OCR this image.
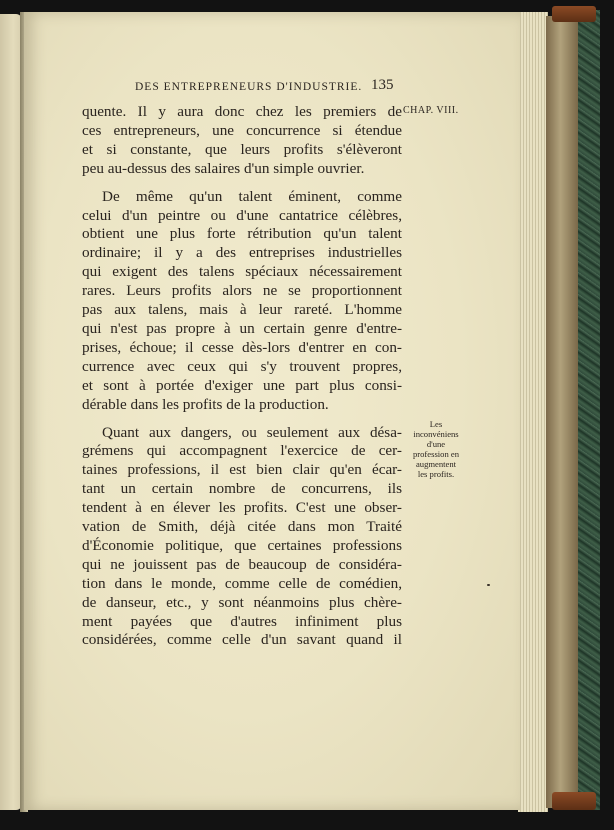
DES ENTREPRENEURS D'INDUSTRIE. 135
CHAP. VIII.
quente. Il y aura donc chez les premiers de
ces entrepreneurs, une concurrence si étendue
et si constante, que leurs profits s'élèveront
peu au-dessus des salaires d'un simple ouvrier.
De même qu'un talent éminent, comme
celui d'un peintre ou d'une cantatrice célèbres,
obtient une plus forte rétribution qu'un talent
ordinaire; il y a des entreprises industrielles
qui exigent des talens spéciaux nécessairement
rares. Leurs profits alors ne se proportionnent
pas aux talens, mais à leur rareté. L'homme
qui n'est pas propre à un certain genre d'entre-
prises, échoue; il cesse dès-lors d'entrer en con-
currence avec ceux qui s'y trouvent propres,
et sont à portée d'exiger une part plus consi-
dérable dans les profits de la production.
Quant aux dangers, ou seulement aux désa-
grémens qui accompagnent l'exercice de cer-
taines professions, il est bien clair qu'en écar-
tant un certain nombre de concurrens, ils
tendent à en élever les profits. C'est une obser-
vation de Smith, déjà citée dans mon Traité
d'Économie politique, que certaines professions
qui ne jouissent pas de beaucoup de considéra-
tion dans le monde, comme celle de comédien,
de danseur, etc., y sont néanmoins plus chère-
ment payées que d'autres infiniment plus
considérées, comme celle d'un savant quand il
Les
inconvéniens
d'une
profession en
augmentent
les profits.
